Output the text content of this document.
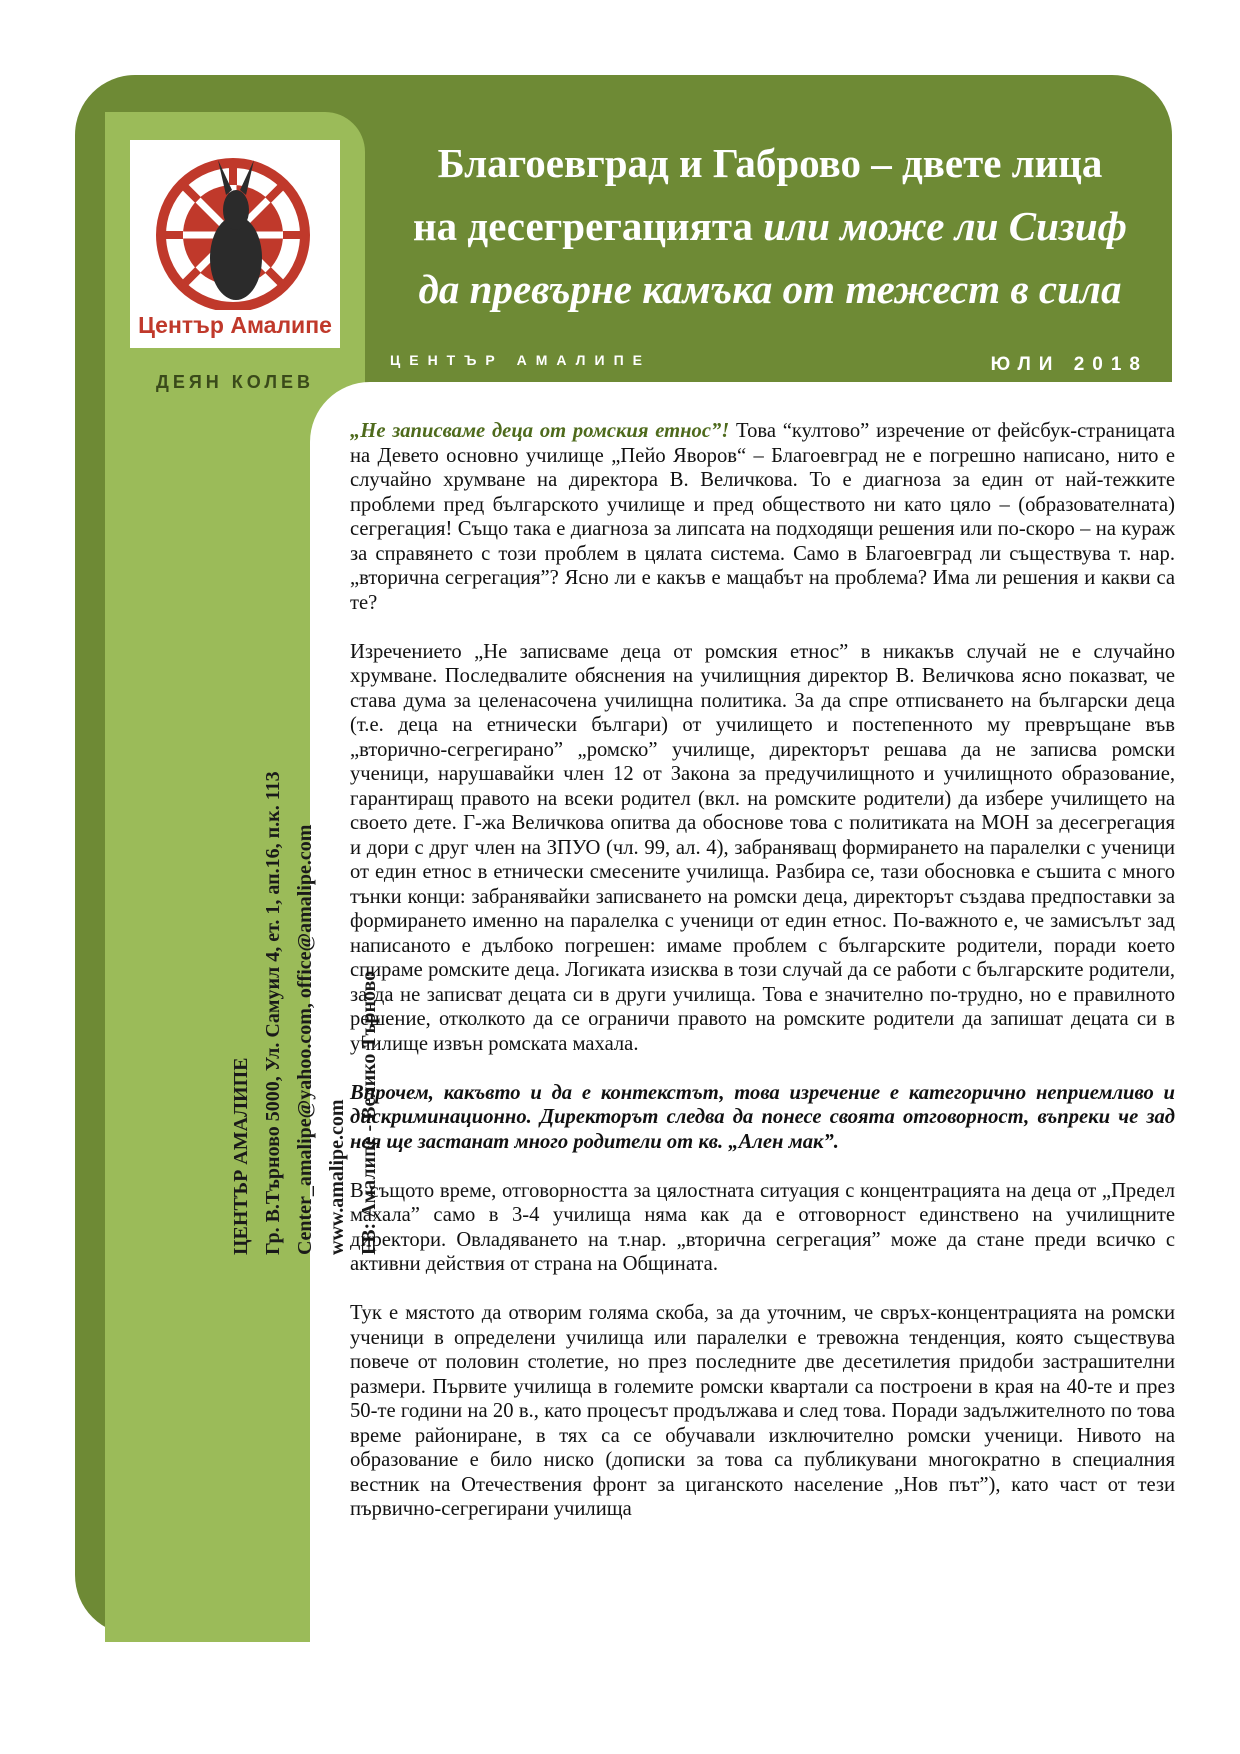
Център Амалипе
ДЕЯН КОЛЕВ
Благоевград и Габрово – двете лица
на десегрегацията или може ли Сизиф
да превърне камъка от тежест в сила
ЦЕНТЪР АМАЛИПЕ	ЮЛИ 2018
ЦЕНТЪР АМАЛИПЕ Гр. В.Търново 5000, Ул. Самуил 4, ет. 1, ап.16, п.к. 113 Center_amalipe@yahoo.com, office@amalipe.com www.amalipe.com FB: Амалипе - Велико Търново

„Не записваме деца от ромския етнос”! Това “култово” изречение от фейсбук-страницата на Девето основно училище „Пейо Яворов“ – Благоевград не е погрешно написано, нито е случайно хрумване на директора В. Величкова. То е диагноза за един от най-тежките проблеми пред българското училище и пред обществото ни като цяло – (образователната) сегрегация! Също така е диагноза за липсата на подходящи решения или по-скоро – на кураж за справянето с този проблем в цялата система. Само в Благоевград ли съществува т. нар. „вторична сегрегация”? Ясно ли е какъв е мащабът на проблема? Има ли решения и какви са те?

Изречението „Не записваме деца от ромския етнос” в никакъв случай не е случайно хрумване. Последвалите обяснения на училищния директор В. Величкова ясно показват, че става дума за целенасочена училищна политика. За да спре отписването на български деца (т.е. деца на етнически българи) от училището и постепенното му превръщане във „вторично-сегрегирано” „ромско” училище, директорът решава да не записва ромски ученици, нарушавайки член 12 от Закона за предучилищното и училищното образование, гарантиращ правото на всеки родител (вкл. на ромските родители) да избере училището на своето дете. Г-жа Величкова опитва да обоснове това с политиката на МОН за десегрегация и дори с друг член на ЗПУО (чл. 99, ал. 4), забраняващ формирането на паралелки с ученици от един етнос в етнически смесените училища. Разбира се, тази обосновка е съшита с много тънки конци: забранявайки записването на ромски деца, директорът създава предпоставки за формирането именно на паралелка с ученици от един етнос. По-важното е, че замисълът зад написаното е дълбоко погрешен: имаме проблем с българските родители, поради което спираме ромските деца. Логиката изисква в този случай да се работи с българските родители, за да не записват децата си в други училища. Това е значително по-трудно, но е правилното решение, отколкото да се ограничи правото на ромските родители да запишат децата си в училище извън ромската махала.

Впрочем, какъвто и да е контекстът, това изречение е категорично неприемливо и дискриминационно. Директорът следва да понесе своята отговорност, въпреки че зад нея ще застанат много родители от кв. „Ален мак”.

В същото време, отговорността за цялостната ситуация с концентрацията на деца от „Предел махала” само в 3-4 училища няма как да е отговорност единствено на училищните директори. Овладяването на т.нар. „вторична сегрегация” може да стане преди всичко с активни действия от страна на Общината.

Тук е мястото да отворим голяма скоба, за да уточним, че свръх-концентрацията на ромски ученици в определени училища или паралелки е тревожна тенденция, която съществува повече от половин столетие, но през последните две десетилетия придоби застрашителни размери. Първите училища в големите ромски квартали са построени в края на 40-те и през 50-те години на 20 в., като процесът продължава и след това. Поради задължителното по това време райониране, в тях са се обучавали изключително ромски ученици. Нивото на образование е било ниско (дописки за това са публикувани многократно в специалния вестник на Отечествения фронт за циганското население „Нов път”), като част от тези първично-сегрегирани училища
